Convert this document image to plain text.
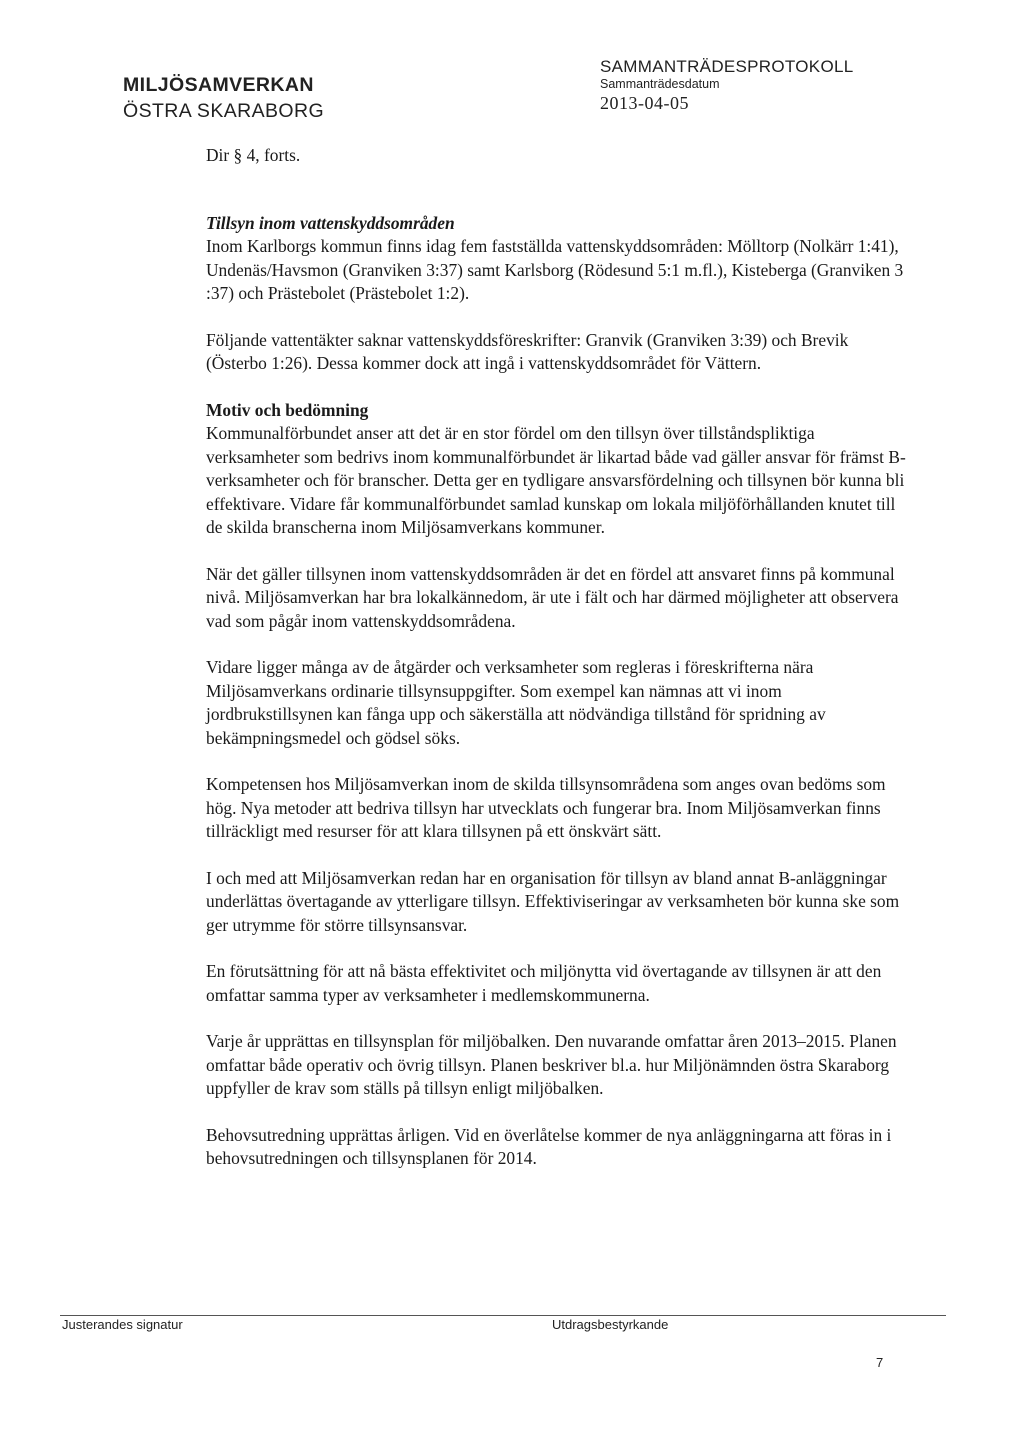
MILJÖSAMVERKAN
ÖSTRA SKARABORG
SAMMANTRÄDESPROTOKOLL
Sammanträdesdatum
2013-04-05

Dir § 4, forts.

Tillsyn inom vattenskyddsområden

Inom Karlborgs kommun finns idag fem fastställda vattenskyddsområden: Mölltorp (Nolkärr 1:41), Undenäs/Havsmon (Granviken 3:37) samt Karlsborg (Rödesund 5:1 m.fl.), Kisteberga (Granviken 3 :37) och Prästebolet (Prästebolet 1:2).

Följande vattentäkter saknar vattenskyddsföreskrifter: Granvik (Granviken 3:39) och Brevik (Österbo 1:26). Dessa kommer dock att ingå i vattenskyddsområdet för Vättern.

Motiv och bedömning

Kommunalförbundet anser att det är en stor fördel om den tillsyn över tillståndspliktiga verksamheter som bedrivs inom kommunalförbundet är likartad både vad gäller ansvar för främst B-verksamheter och för branscher. Detta ger en tydligare ansvarsfördelning och tillsynen bör kunna bli effektivare. Vidare får kommunalförbundet samlad kunskap om lokala miljöförhållanden knutet till de skilda branscherna inom Miljösamverkans kommuner.

När det gäller tillsynen inom vattenskyddsområden är det en fördel att ansvaret finns på kommunal nivå. Miljösamverkan har bra lokalkännedom, är ute i fält och har därmed möjligheter att observera vad som pågår inom vattenskyddsområdena.

Vidare ligger många av de åtgärder och verksamheter som regleras i föreskrifterna nära Miljösamverkans ordinarie tillsynsuppgifter. Som exempel kan nämnas att vi inom jordbrukstillsynen kan fånga upp och säkerställa att nödvändiga tillstånd för spridning av bekämpningsmedel och gödsel söks.

Kompetensen hos Miljösamverkan inom de skilda tillsynsområdena som anges ovan bedöms som hög. Nya metoder att bedriva tillsyn har utvecklats och fungerar bra. Inom Miljösamverkan finns tillräckligt med resurser för att klara tillsynen på ett önskvärt sätt.

I och med att Miljösamverkan redan har en organisation för tillsyn av bland annat B-anläggningar underlättas övertagande av ytterligare tillsyn. Effektiviseringar av verksamheten bör kunna ske som ger utrymme för större tillsynsansvar.

En förutsättning för att nå bästa effektivitet och miljönytta vid övertagande av tillsynen är att den omfattar samma typer av verksamheter i medlemskommunerna.

Varje år upprättas en tillsynsplan för miljöbalken. Den nuvarande omfattar åren 2013–2015. Planen omfattar både operativ och övrig tillsyn. Planen beskriver bl.a. hur Miljönämnden östra Skaraborg uppfyller de krav som ställs på tillsyn enligt miljöbalken.

Behovsutredning upprättas årligen. Vid en överlåtelse kommer de nya anläggningarna att föras in i behovsutredningen och tillsynsplanen för 2014.

Justerandes signatur	Utdragsbestyrkande
7
